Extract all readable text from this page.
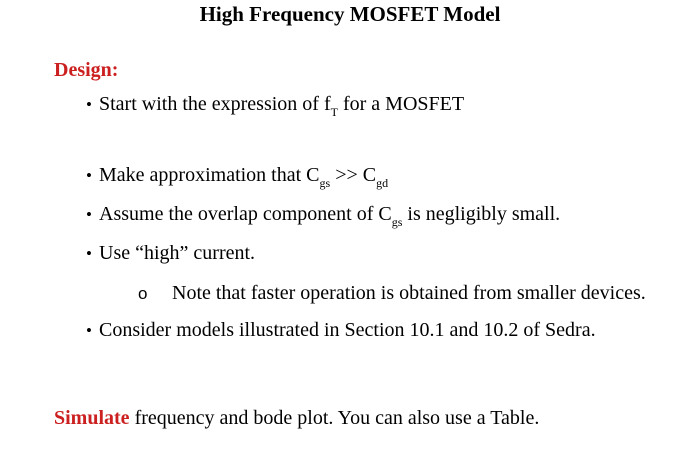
High Frequency MOSFET Model
Design:
• Start with the expression of $f_T$ for a MOSFET
• Make approximation that $C_{gs} >> C_{gd}$
• Assume the overlap component of $C_{gs}$ is negligibly small.
• Use “high” current.
o Note that faster operation is obtained from smaller devices.
• Consider models illustrated in Section 10.1 and 10.2 of Sedra.
Simulate frequency and bode plot. You can also use a Table.
